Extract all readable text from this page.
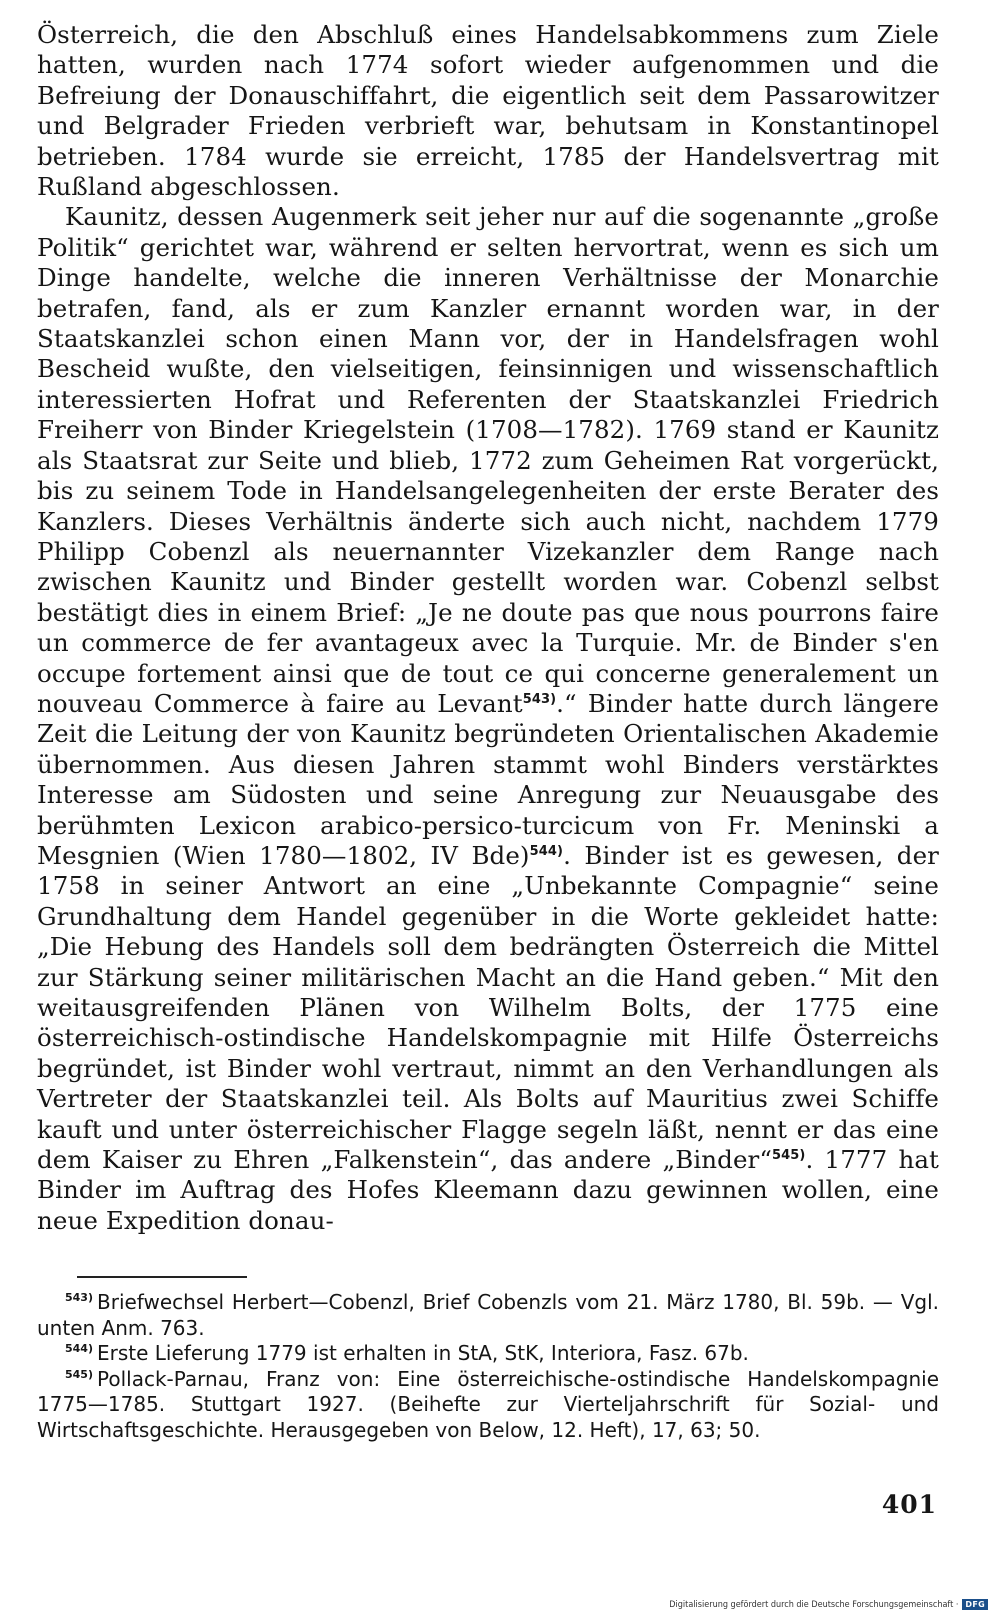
Österreich, die den Abschluß eines Handelsabkommens zum Ziele hatten, wurden nach 1774 sofort wieder aufgenommen und die Befreiung der Donauschiffahrt, die eigentlich seit dem Passarowitzer und Belgrader Frieden verbrieft war, behutsam in Konstantinopel betrieben. 1784 wurde sie erreicht, 1785 der Handelsvertrag mit Rußland abgeschlossen.

Kaunitz, dessen Augenmerk seit jeher nur auf die sogenannte „große Politik“ gerichtet war, während er selten hervortrat, wenn es sich um Dinge handelte, welche die inneren Verhältnisse der Monarchie betrafen, fand, als er zum Kanzler ernannt worden war, in der Staatskanzlei schon einen Mann vor, der in Handelsfragen wohl Bescheid wußte, den vielseitigen, feinsinnigen und wissenschaftlich interessierten Hofrat und Referenten der Staatskanzlei Friedrich Freiherr von Binder Kriegelstein (1708—1782). 1769 stand er Kaunitz als Staatsrat zur Seite und blieb, 1772 zum Geheimen Rat vorgerückt, bis zu seinem Tode in Handelsangelegenheiten der erste Berater des Kanzlers. Dieses Verhältnis änderte sich auch nicht, nachdem 1779 Philipp Cobenzl als neuernannter Vizekanzler dem Range nach zwischen Kaunitz und Binder gestellt worden war. Cobenzl selbst bestätigt dies in einem Brief: „Je ne doute pas que nous pourrons faire un commerce de fer avantageux avec la Turquie. Mr. de Binder s'en occupe fortement ainsi que de tout ce qui concerne generalement un nouveau Commerce à faire au Levant$^{543)}$.“ Binder hatte durch längere Zeit die Leitung der von Kaunitz begründeten Orientalischen Akademie übernommen. Aus diesen Jahren stammt wohl Binders verstärktes Interesse am Südosten und seine Anregung zur Neuausgabe des berühmten Lexicon arabico-persico-turcicum von Fr. Meninski a Mesgnien (Wien 1780—1802, IV Bde)$^{544)}$. Binder ist es gewesen, der 1758 in seiner Antwort an eine „Unbekannte Compagnie“ seine Grundhaltung dem Handel gegenüber in die Worte gekleidet hatte: „Die Hebung des Handels soll dem bedrängten Österreich die Mittel zur Stärkung seiner militärischen Macht an die Hand geben.“ Mit den weitausgreifenden Plänen von Wilhelm Bolts, der 1775 eine österreichisch-ostindische Handelskompagnie mit Hilfe Österreichs begründet, ist Binder wohl vertraut, nimmt an den Verhandlungen als Vertreter der Staatskanzlei teil. Als Bolts auf Mauritius zwei Schiffe kauft und unter österreichischer Flagge segeln läßt, nennt er das eine dem Kaiser zu Ehren „Falkenstein“, das andere „Binder“$^{545)}$. 1777 hat Binder im Auftrag des Hofes Kleemann dazu gewinnen wollen, eine neue Expedition donau-

$^{543)}$ Briefwechsel Herbert—Cobenzl, Brief Cobenzls vom 21. März 1780, Bl. 59b. — Vgl. unten Anm. 763.

$^{544)}$ Erste Lieferung 1779 ist erhalten in StA, StK, Interiora, Fasz. 67b.

$^{545)}$ Pollack-Parnau, Franz von: Eine österreichische-ostindische Handelskompagnie 1775—1785. Stuttgart 1927. (Beihefte zur Vierteljahrschrift für Sozial- und Wirtschaftsgeschichte. Herausgegeben von Below, 12. Heft), 17, 63; 50.

401
Digitalisierung gefördert durch die Deutsche Forschungsgemeinschaft · DFG
